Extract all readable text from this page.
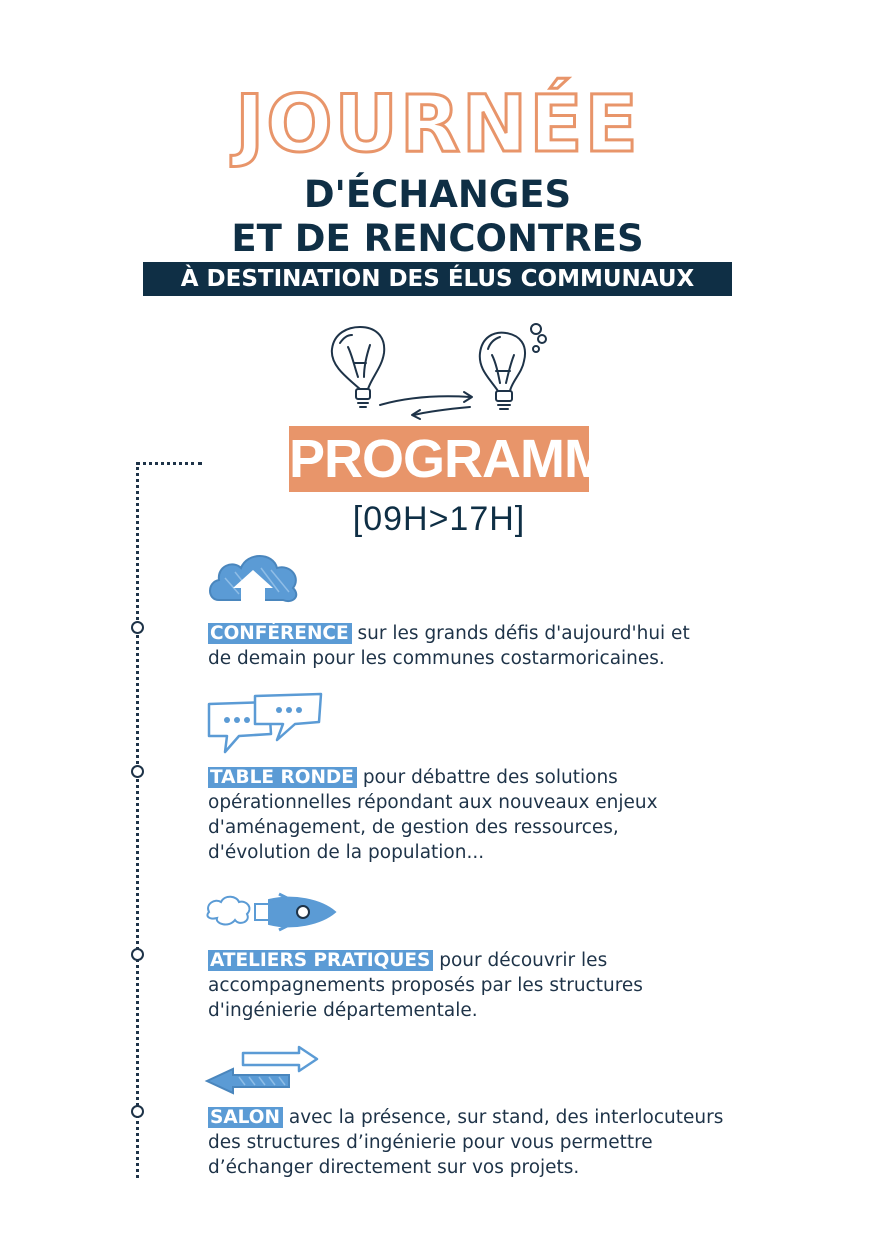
JOURNÉE
D'ÉCHANGES
ET DE RENCONTRES
À DESTINATION DES ÉLUS COMMUNAUX
PROGRAMME
[09H>17H]
CONFÉRENCE sur les grands défis d'aujourd'hui et
de demain pour les communes costarmoricaines.
TABLE RONDE pour débattre des solutions
opérationnelles répondant aux nouveaux enjeux
d'aménagement, de gestion des ressources,
d'évolution de la population...
ATELIERS PRATIQUES pour découvrir les
accompagnements proposés par les structures
d'ingénierie départementale.
SALON avec la présence, sur stand, des interlocuteurs
des structures d’ingénierie pour vous permettre
d’échanger directement sur vos projets.
